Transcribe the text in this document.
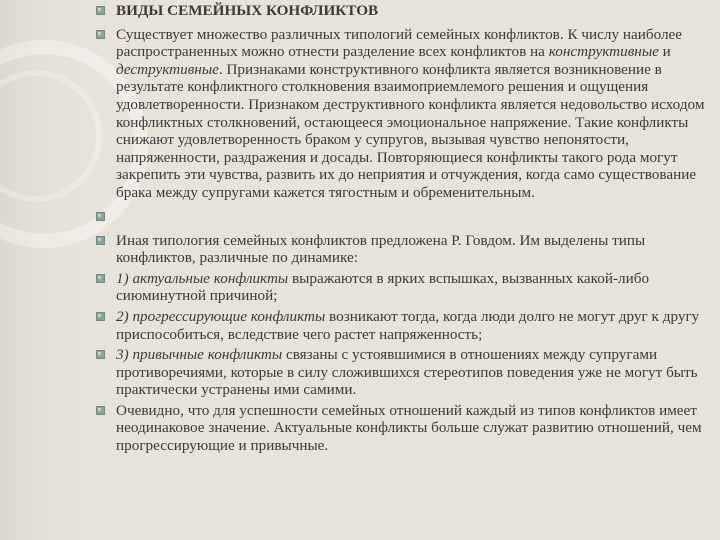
ВИДЫ СЕМЕЙНЫХ КОНФЛИКТОВ
Существует множество различных типологий семейных конфликтов. К числу наиболее распространенных можно отнести разделение всех конфликтов на конструктивные и деструктивные. Признаками конструктивного конфликта является возникновение в результате конфликтного столкновения взаимоприемлемого решения и ощущения удовлетворенности. Признаком деструктивного конфликта является недовольство исходом конфликтных столкновений, остающееся эмоциональное напряжение. Такие конфликты снижают удовлетворенность браком у супругов, вызывая чувство непонятости, напряженности, раздражения и досады. Повторяющиеся конфликты такого рода могут закрепить эти чувства, развить их до неприятия и отчуждения, когда само существование брака между супругами кажется тягостным и обременительным.
Иная типология семейных конфликтов предложена Р. Говдом. Им выделены типы конфликтов, различные по динамике:
1) актуальные конфликты выражаются в ярких вспышках, вызванных какой-либо сиюминутной причиной;
2) прогрессирующие конфликты возникают тогда, когда люди долго не могут друг к другу приспособиться, вследствие чего растет напряженность;
3) привычные конфликты связаны с устоявшимися в отношениях между супругами противоречиями, которые в силу сложившихся стереотипов поведения уже не могут быть практически устранены ими самими.
Очевидно, что для успешности семейных отношений каждый из типов конфликтов имеет неодинаковое значение. Актуальные конфликты больше служат развитию отношений, чем прогрессирующие и привычные.
